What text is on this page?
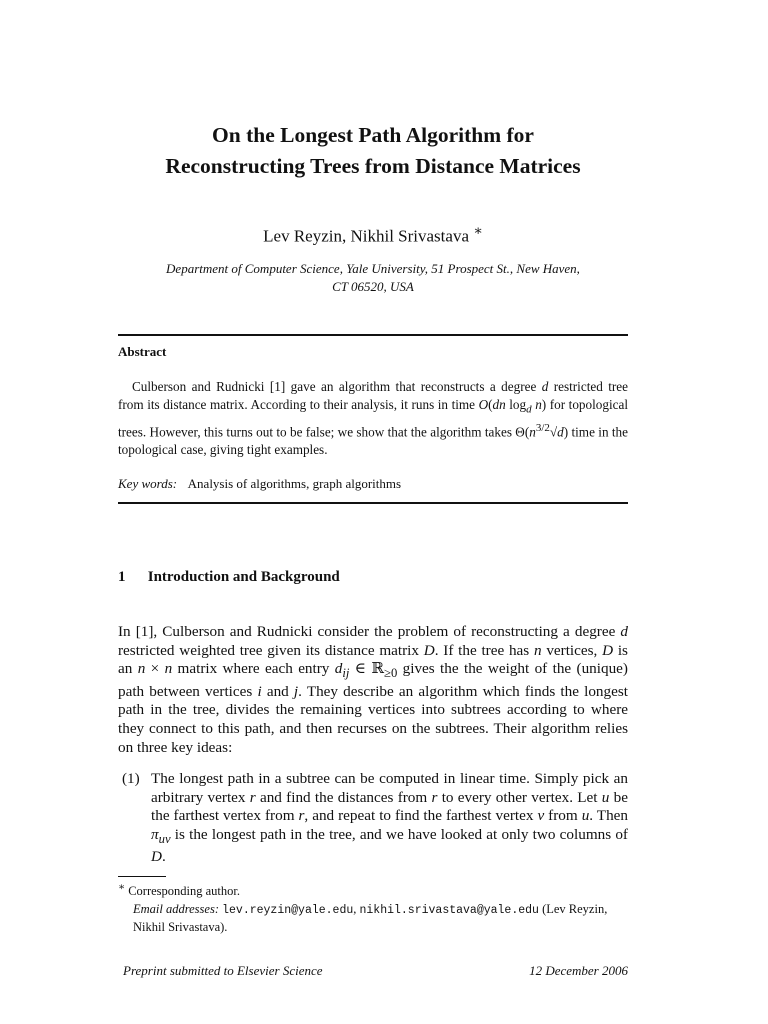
On the Longest Path Algorithm for
Reconstructing Trees from Distance Matrices
Lev Reyzin, Nikhil Srivastava ∗
Department of Computer Science, Yale University, 51 Prospect St., New Haven,
CT 06520, USA
Abstract
Culberson and Rudnicki [1] gave an algorithm that reconstructs a degree d restricted tree from its distance matrix. According to their analysis, it runs in time O(dn $\log_d n$) for topological trees. However, this turns out to be false; we show that the algorithm takes $\Theta(n^{3/2}√d)$ time in the topological case, giving tight examples.
Key words: Analysis of algorithms, graph algorithms
1 Introduction and Background
In [1], Culberson and Rudnicki consider the problem of reconstructing a degree d restricted weighted tree given its distance matrix D. If the tree has n vertices, D is an n × n matrix where each entry $d_{ij}$ ∈ ℝ$_{\ge 0}$ gives the the weight of the (unique) path between vertices i and j. They describe an algorithm which finds the longest path in the tree, divides the remaining vertices into subtrees according to where they connect to this path, and then recurses on the subtrees. Their algorithm relies on three key ideas:
(1) The longest path in a subtree can be computed in linear time. Simply pick an arbitrary vertex r and find the distances from r to every other vertex. Let u be the farthest vertex from r, and repeat to find the farthest vertex v from u. Then $\pi_{uv}$ is the longest path in the tree, and we have looked at only two columns of D.
∗ Corresponding author.
Email addresses: lev.reyzin@yale.edu, nikhil.srivastava@yale.edu (Lev Reyzin, Nikhil Srivastava).
Preprint submitted to Elsevier Science	12 December 2006
